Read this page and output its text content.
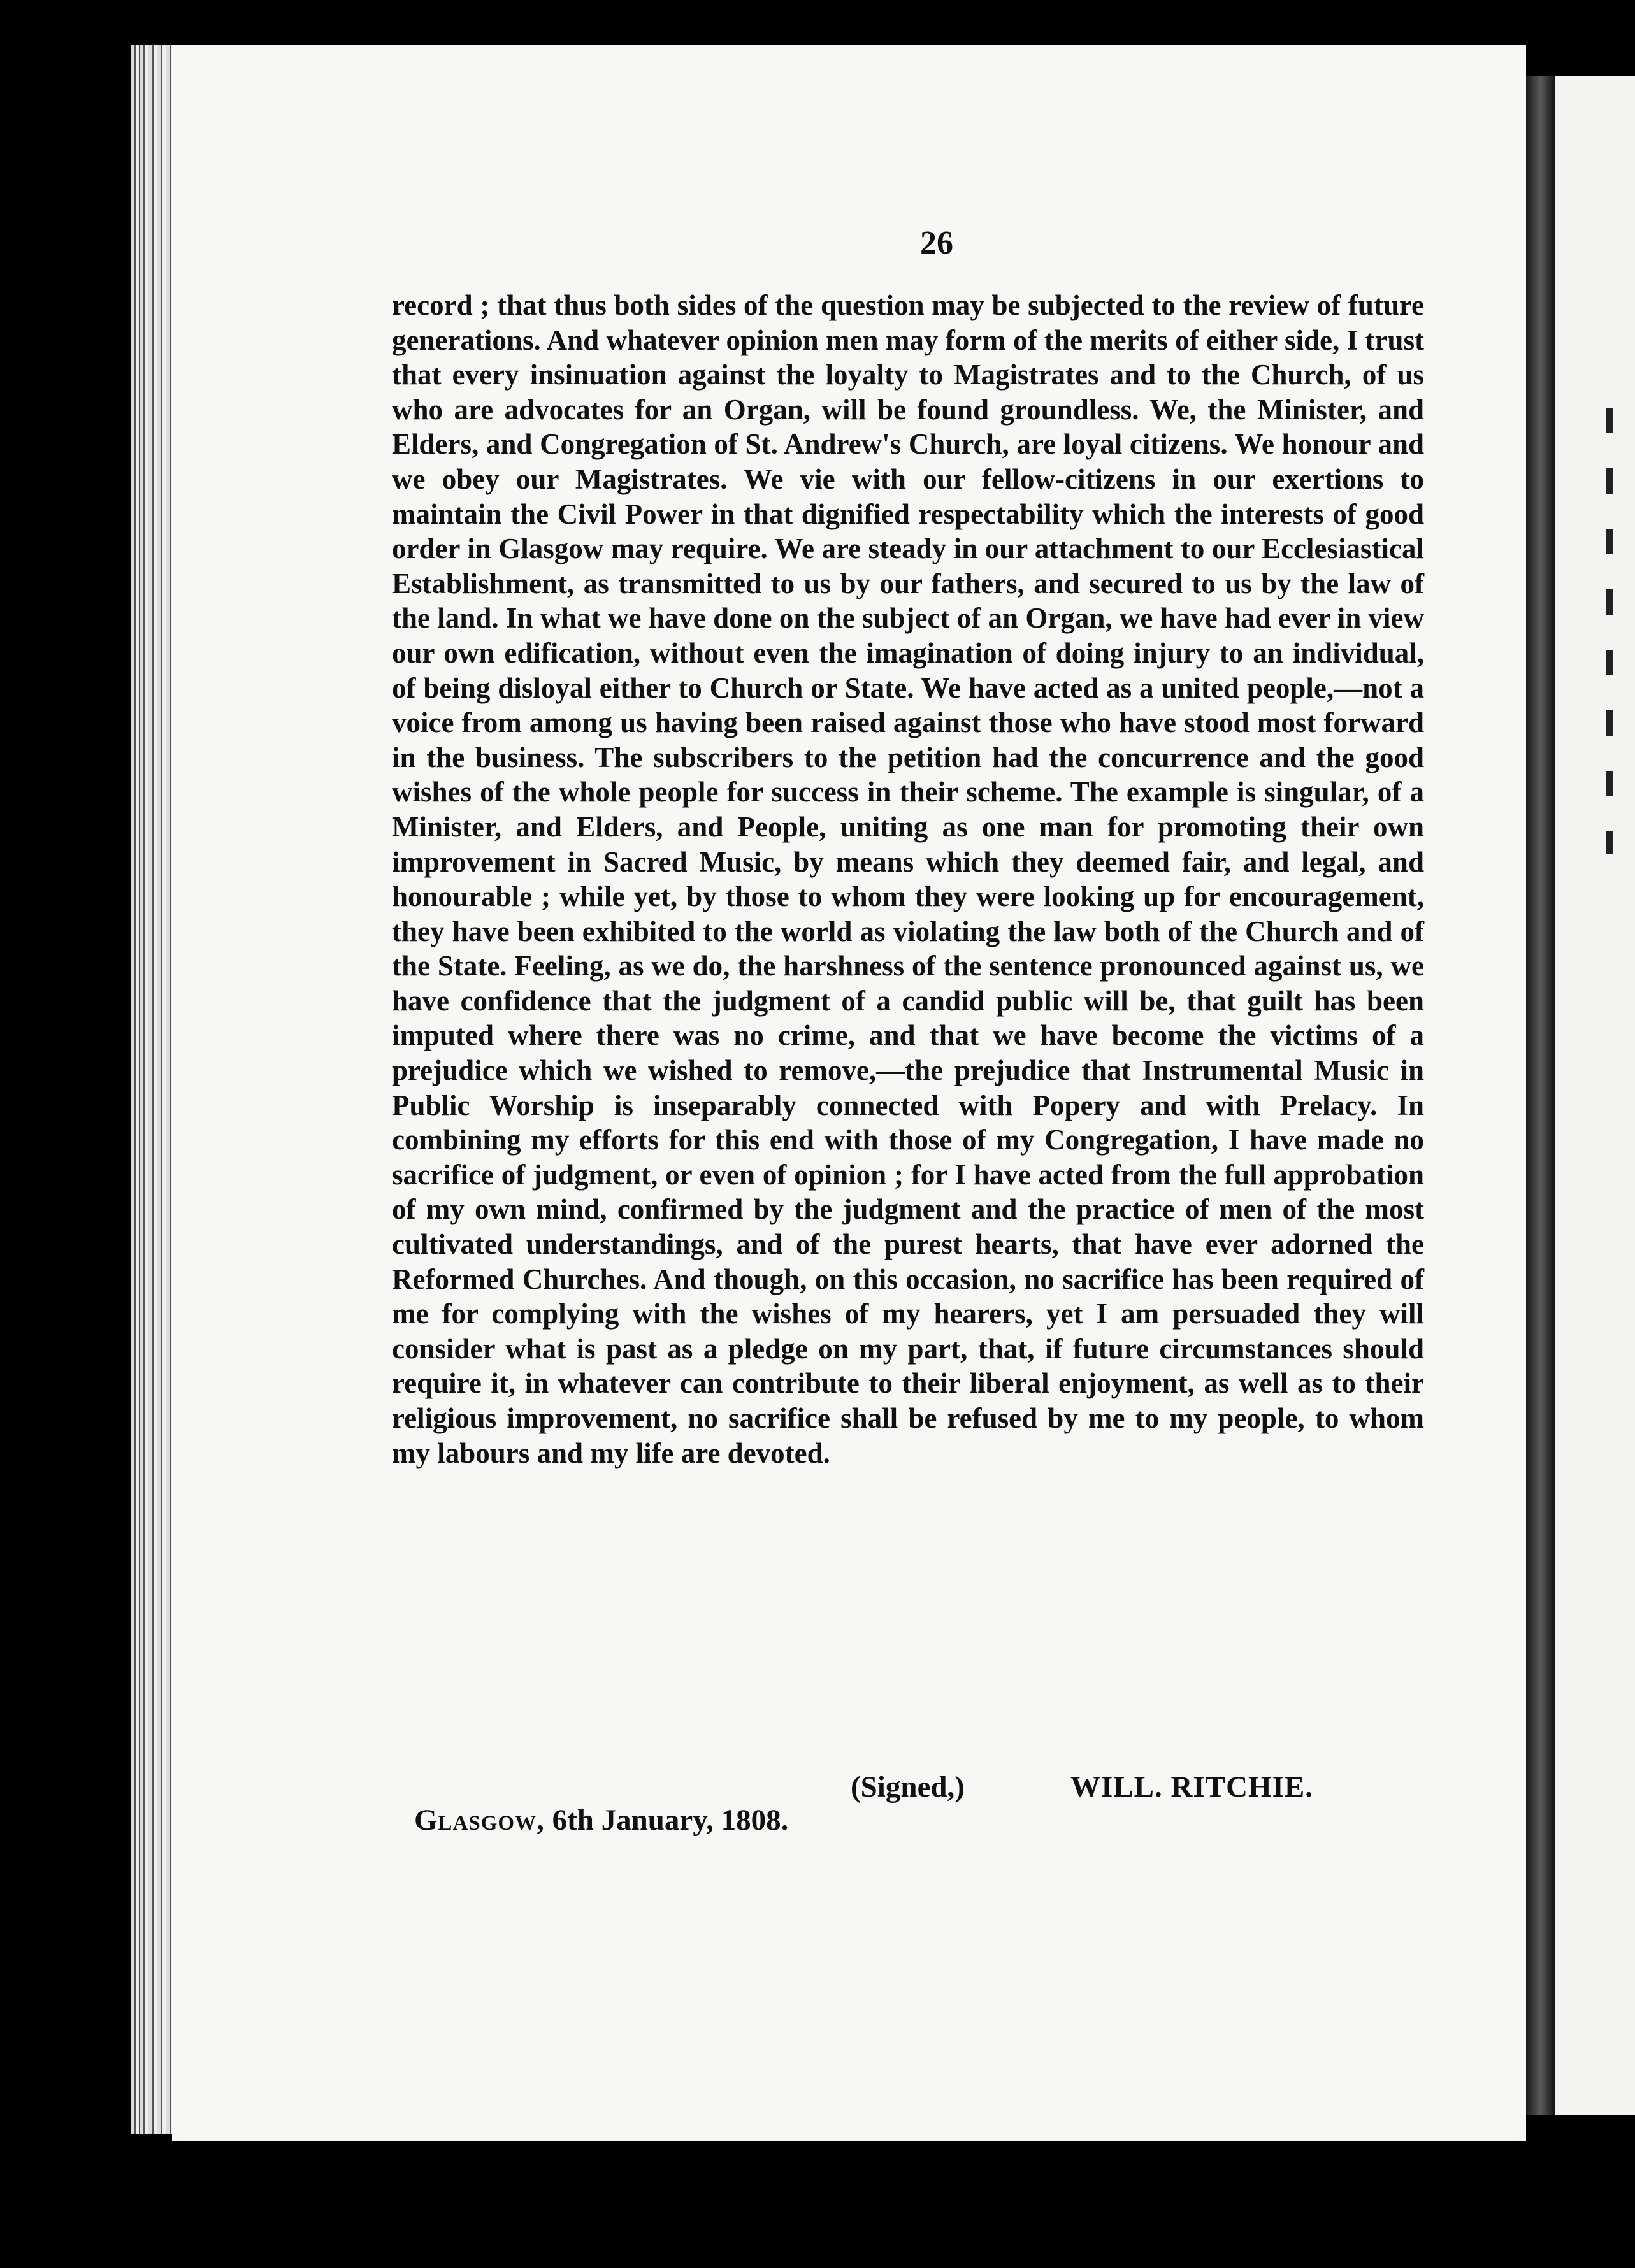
26
record ; that thus both sides of the question may be subjected to the review of future generations. And whatever opinion men may form of the merits of either side, I trust that every insinuation against the loyalty to Magistrates and to the Church, of us who are advocates for an Organ, will be found groundless. We, the Minister, and Elders, and Congregation of St. Andrew's Church, are loyal citizens. We honour and we obey our Magistrates. We vie with our fellow-citizens in our exertions to maintain the Civil Power in that dignified respectability which the interests of good order in Glasgow may require. We are steady in our attachment to our Ecclesiastical Establishment, as transmitted to us by our fathers, and secured to us by the law of the land. In what we have done on the subject of an Organ, we have had ever in view our own edification, without even the imagination of doing injury to an individual, of being disloyal either to Church or State. We have acted as a united people,—not a voice from among us having been raised against those who have stood most forward in the business. The subscribers to the petition had the concurrence and the good wishes of the whole people for success in their scheme. The example is singular, of a Minister, and Elders, and People, uniting as one man for promoting their own improvement in Sacred Music, by means which they deemed fair, and legal, and honourable ; while yet, by those to whom they were looking up for encouragement, they have been exhibited to the world as violating the law both of the Church and of the State. Feeling, as we do, the harshness of the sentence pronounced against us, we have confidence that the judgment of a candid public will be, that guilt has been imputed where there was no crime, and that we have become the victims of a prejudice which we wished to remove,—the prejudice that Instrumental Music in Public Worship is inseparably connected with Popery and with Prelacy. In combining my efforts for this end with those of my Congregation, I have made no sacrifice of judgment, or even of opinion ; for I have acted from the full approbation of my own mind, confirmed by the judgment and the practice of men of the most cultivated understandings, and of the purest hearts, that have ever adorned the Reformed Churches. And though, on this occasion, no sacrifice has been required of me for complying with the wishes of my hearers, yet I am persuaded they will consider what is past as a pledge on my part, that, if future circumstances should require it, in whatever can contribute to their liberal enjoyment, as well as to their religious improvement, no sacrifice shall be refused by me to my people, to whom my labours and my life are devoted.
(Signed,)	WILL. RITCHIE.
Glasgow, 6th January, 1808.
